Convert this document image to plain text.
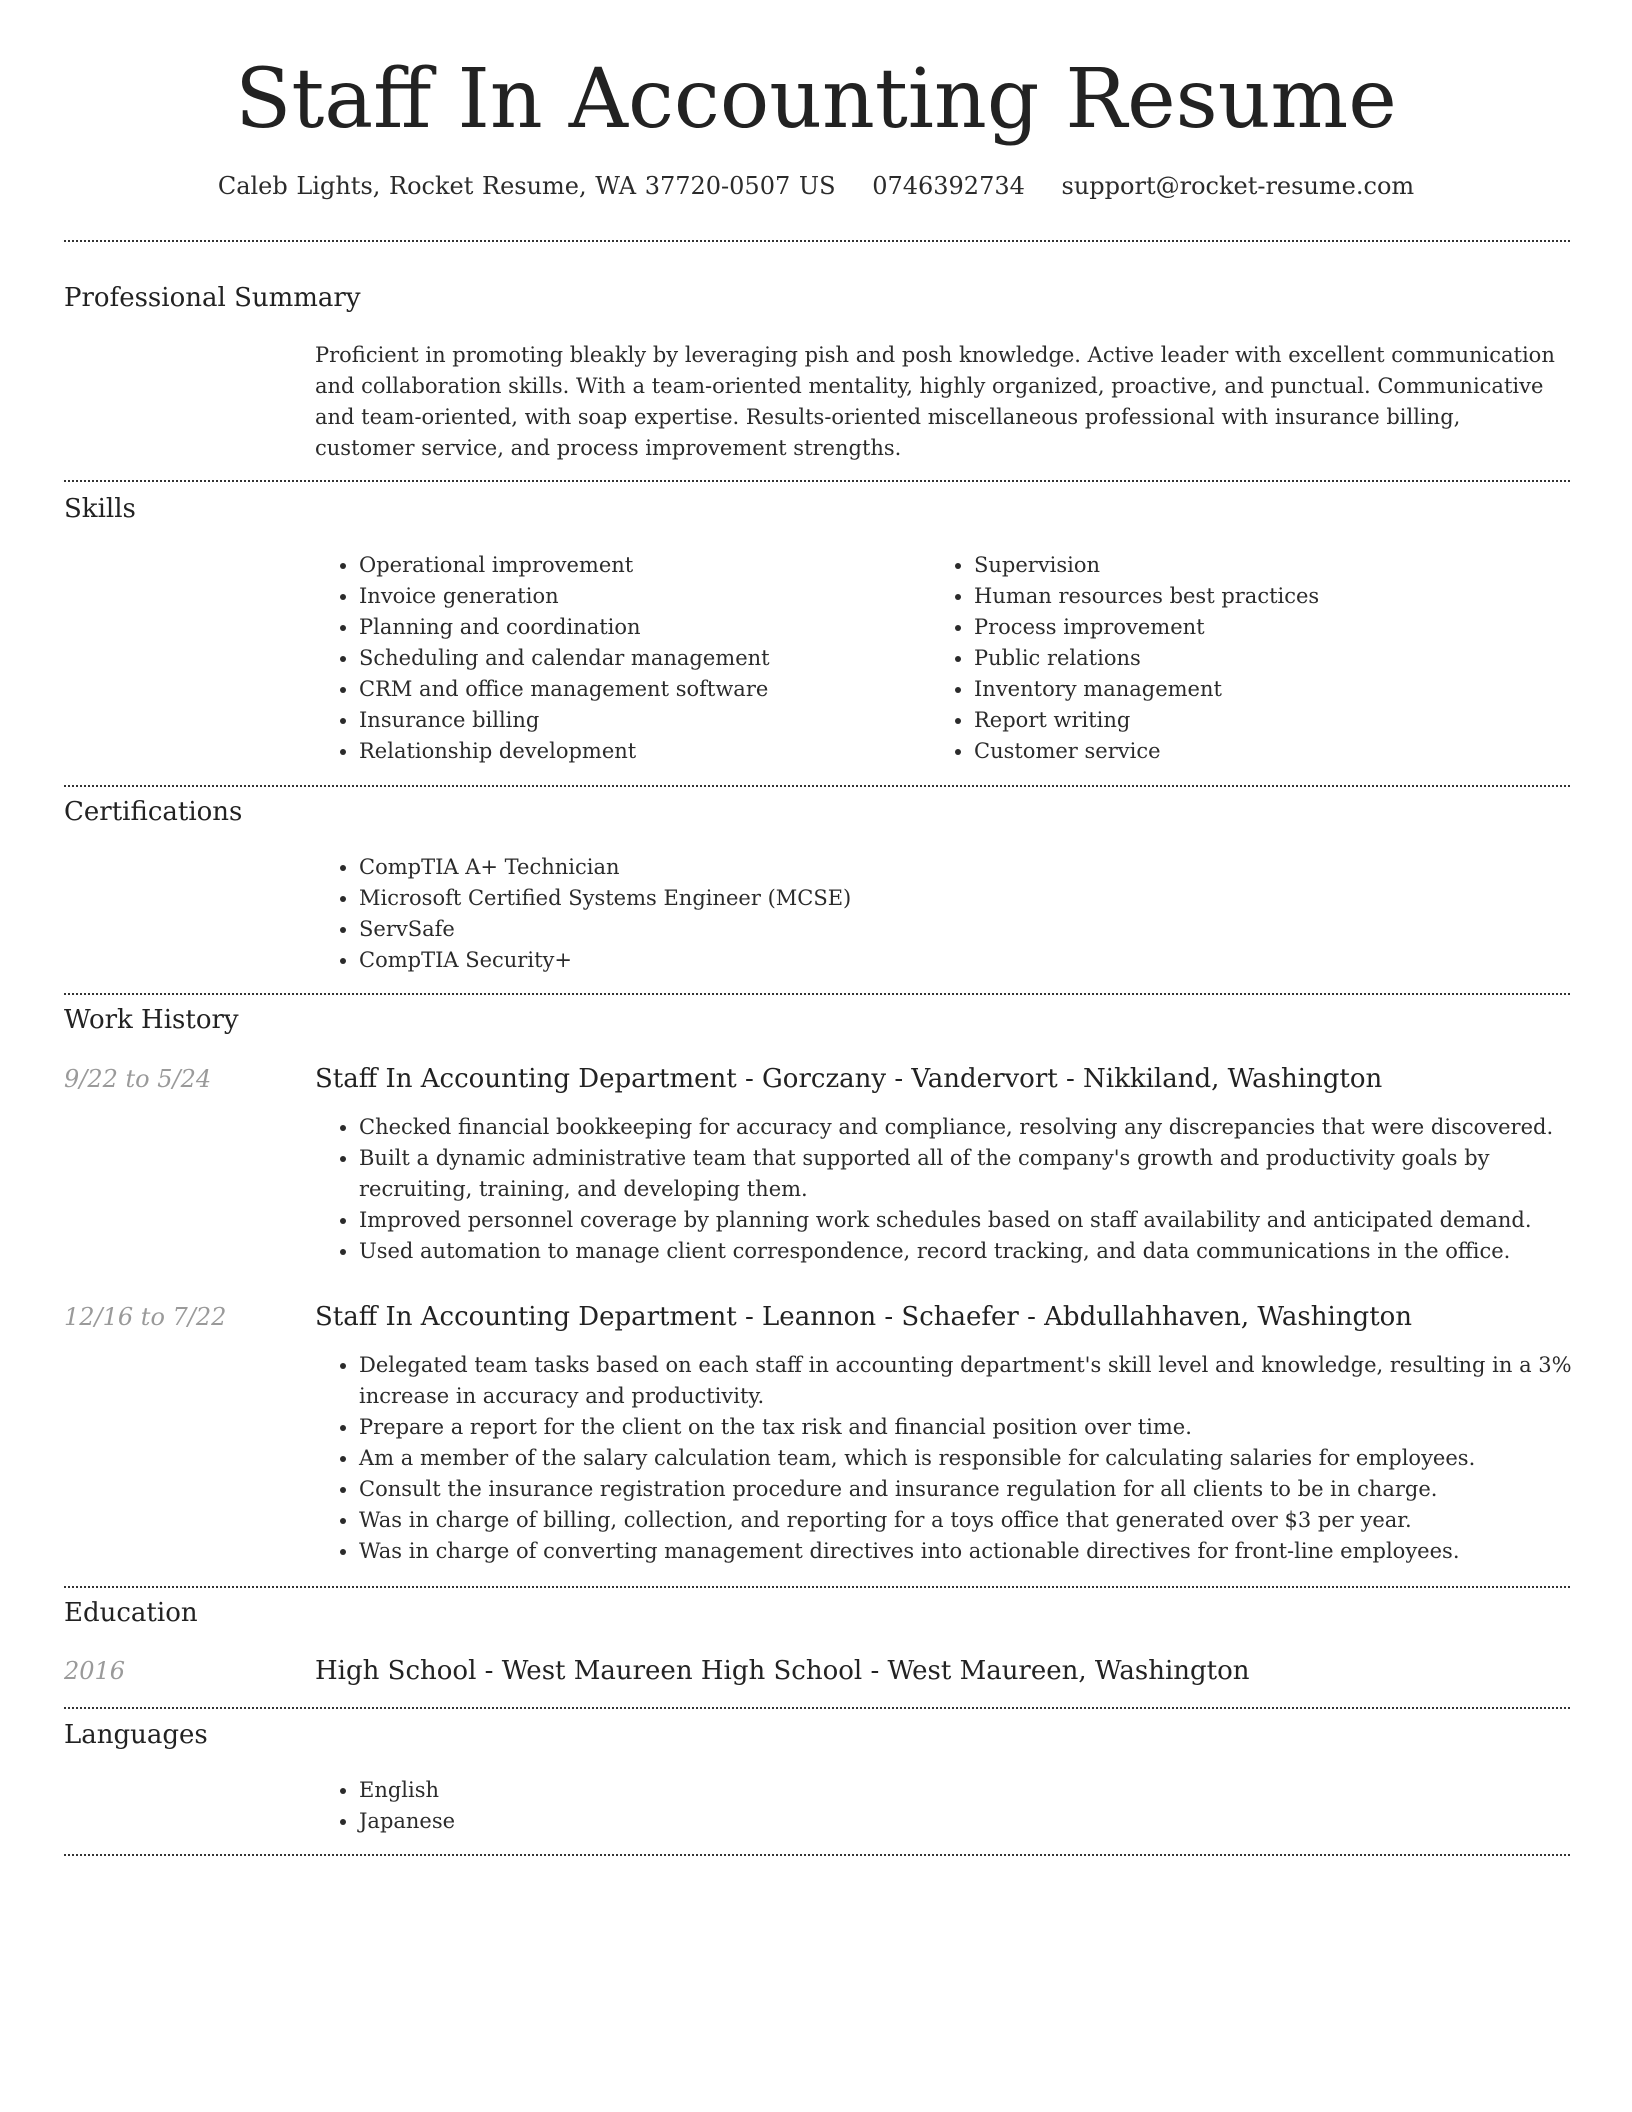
Staff In Accounting Resume
Caleb Lights, Rocket Resume, WA 37720-0507 US 0746392734 support@rocket-resume.com
Professional Summary

Proficient in promoting bleakly by leveraging pish and posh knowledge. Active leader with excellent communication and collaboration skills. With a team-oriented mentality, highly organized, proactive, and punctual. Communicative and team-oriented, with soap expertise. Results-oriented miscellaneous professional with insurance billing, customer service, and process improvement strengths.

Skills
• Operational improvement
• Invoice generation
• Planning and coordination
• Scheduling and calendar management
• CRM and office management software
• Insurance billing
• Relationship development
• Supervision
• Human resources best practices
• Process improvement
• Public relations
• Inventory management
• Report writing
• Customer service
Certifications
• CompTIA A+ Technician
• Microsoft Certified Systems Engineer (MCSE)
• ServSafe
• CompTIA Security+
Work History
9/22 to 5/24	Staff In Accounting Department - Gorczany - Vandervort - Nikkiland, Washington
• Checked financial bookkeeping for accuracy and compliance, resolving any discrepancies that were discovered.
• Built a dynamic administrative team that supported all of the company's growth and productivity goals by recruiting, training, and developing them.
• Improved personnel coverage by planning work schedules based on staff availability and anticipated demand.
• Used automation to manage client correspondence, record tracking, and data communications in the office.
12/16 to 7/22	Staff In Accounting Department - Leannon - Schaefer - Abdullahhaven, Washington
• Delegated team tasks based on each staff in accounting department's skill level and knowledge, resulting in a 3% increase in accuracy and productivity.
• Prepare a report for the client on the tax risk and financial position over time.
• Am a member of the salary calculation team, which is responsible for calculating salaries for employees.
• Consult the insurance registration procedure and insurance regulation for all clients to be in charge.
• Was in charge of billing, collection, and reporting for a toys office that generated over $3 per year.
• Was in charge of converting management directives into actionable directives for front-line employees.
Education
2016	High School - West Maureen High School - West Maureen, Washington
Languages
• English
• Japanese
